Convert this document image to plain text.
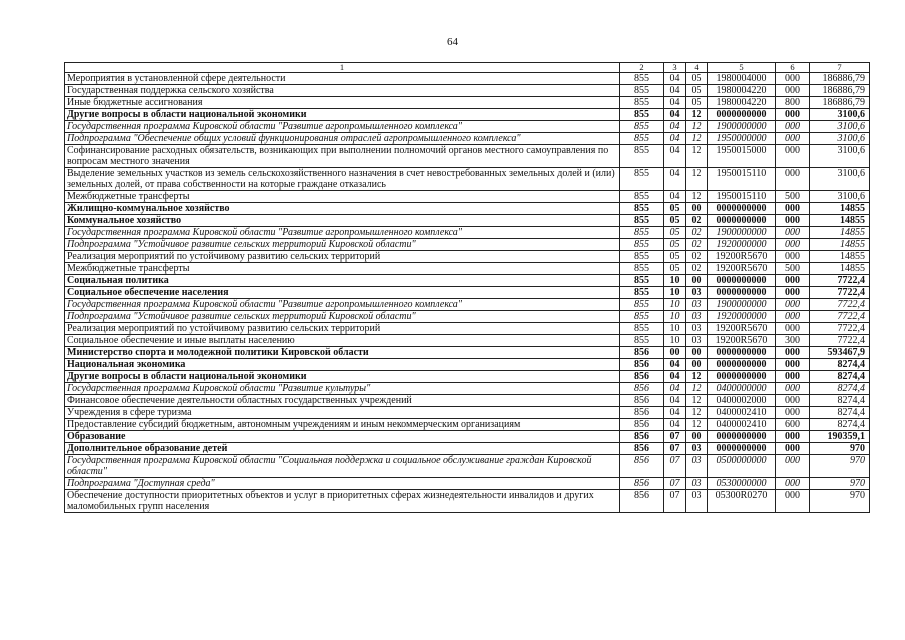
64
1	2	3	4	5	6	7
Мероприятия в установленной сфере деятельности	855	04	05	1980004000	000	186886,79
Государственная поддержка сельского хозяйства	855	04	05	1980004220	000	186886,79
Иные бюджетные ассигнования	855	04	05	1980004220	800	186886,79
Другие вопросы в области национальной экономики	855	04	12	0000000000	000	3100,6
Государственная программа Кировской области "Развитие агропромышленного комплекса"	855	04	12	1900000000	000	3100,6
Подпрограмма "Обеспечение общих условий функционирования отраслей агропромышленного комплекса"	855	04	12	1950000000	000	3100,6
Софинансирование расходных обязательств, возникающих при выполнении полномочий органов местного самоуправления по вопросам местного значения	855	04	12	1950015000	000	3100,6
Выделение земельных участков из земель сельскохозяйственного назначения в счет невостребованных земельных долей и (или) земельных долей, от права собственности на которые граждане отказались	855	04	12	1950015110	000	3100,6
Межбюджетные трансферты	855	04	12	1950015110	500	3100,6
Жилищно-коммунальное хозяйство	855	05	00	0000000000	000	14855
Коммунальное хозяйство	855	05	02	0000000000	000	14855
Государственная программа Кировской области "Развитие агропромышленного комплекса"	855	05	02	1900000000	000	14855
Подпрограмма "Устойчивое развитие сельских территорий Кировской области"	855	05	02	1920000000	000	14855
Реализация мероприятий по устойчивому развитию сельских территорий	855	05	02	19200R5670	000	14855
Межбюджетные трансферты	855	05	02	19200R5670	500	14855
Социальная политика	855	10	00	0000000000	000	7722,4
Социальное обеспечение населения	855	10	03	0000000000	000	7722,4
Государственная программа Кировской области "Развитие агропромышленного комплекса"	855	10	03	1900000000	000	7722,4
Подпрограмма "Устойчивое развитие сельских территорий Кировской области"	855	10	03	1920000000	000	7722,4
Реализация мероприятий по устойчивому развитию сельских территорий	855	10	03	19200R5670	000	7722,4
Социальное обеспечение и иные выплаты населению	855	10	03	19200R5670	300	7722,4
Министерство спорта и молодежной политики Кировской области	856	00	00	0000000000	000	593467,9
Национальная экономика	856	04	00	0000000000	000	8274,4
Другие вопросы в области национальной экономики	856	04	12	0000000000	000	8274,4
Государственная программа Кировской области "Развитие культуры"	856	04	12	0400000000	000	8274,4
Финансовое обеспечение деятельности областных государственных учреждений	856	04	12	0400002000	000	8274,4
Учреждения в сфере туризма	856	04	12	0400002410	000	8274,4
Предоставление субсидий бюджетным, автономным учреждениям и иным некоммерческим организациям	856	04	12	0400002410	600	8274,4
Образование	856	07	00	0000000000	000	190359,1
Дополнительное образование детей	856	07	03	0000000000	000	970
Государственная программа Кировской области "Социальная поддержка и социальное обслуживание граждан Кировской области"	856	07	03	0500000000	000	970
Подпрограмма "Доступная среда"	856	07	03	0530000000	000	970
Обеспечение доступности приоритетных объектов и услуг в приоритетных сферах жизнедеятельности инвалидов и других маломобильных групп населения	856	07	03	05300R0270	000	970
